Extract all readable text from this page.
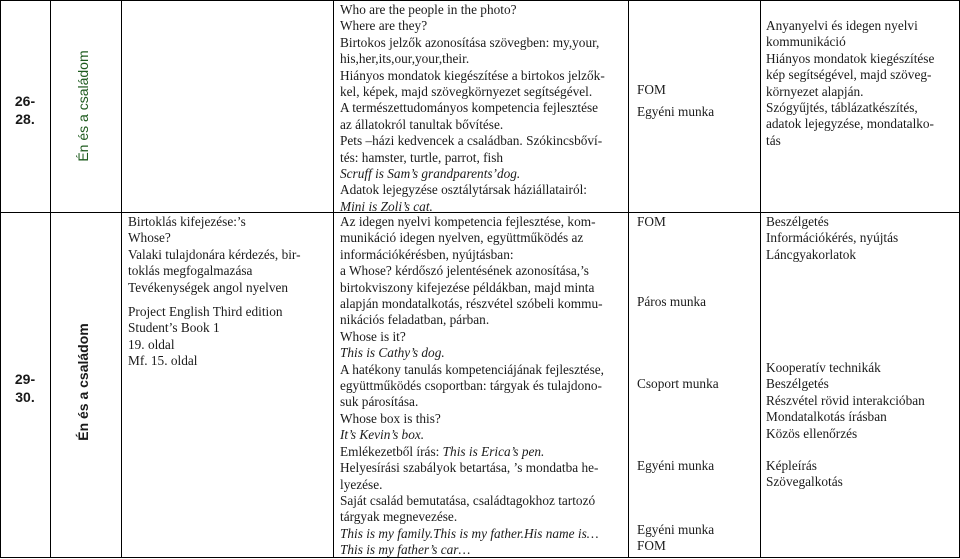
26-
28.	Én és a családom
Who are the people in the photo?
Where are they?
Birtokos jelzők azonosítása szövegben: my,your,
his,her,its,our,your,their.
Hiányos mondatok kiegészítése a birtokos jelzők-
kel, képek, majd szövegkörnyezet segítségével.
A természettudományos kompetencia fejlesztése
az állatokról tanultak bővítése.
Pets –házi kedvencek a családban. Szókincsbőví-
tés: hamster, turtle, parrot, fish
Scruff is Sam’s grandparents’dog.
Adatok lejegyzése osztálytársak háziállatairól:
Mini is Zoli’s cat.
FOM
Egyéni munka
Anyanyelvi és idegen nyelvi
kommunikáció
Hiányos mondatok kiegészítése
kép segítségével, majd szöveg-
környezet alapján.
Szógyűjtés, táblázatkészítés,
adatok lejegyzése, mondatalko-
tás
29-
30.	Én és a családom
Birtoklás kifejezése:’s
Whose?
Valaki tulajdonára kérdezés, bir-
toklás megfogalmazása
Tevékenységek angol nyelven
Project English Third edition
Student’s Book 1
19. oldal
Mf. 15. oldal
Az idegen nyelvi kompetencia fejlesztése, kom-
munikáció idegen nyelven, együttműködés az
információkérésben, nyújtásban:
a Whose? kérdőszó jelentésének azonosítása,’s
birtokviszony kifejezése példákban, majd minta
alapján mondatalkotás, részvétel szóbeli kommu-
nikációs feladatban, párban.
Whose is it?
This is Cathy’s dog.
A hatékony tanulás kompetenciájának fejlesztése,
együttműködés csoportban: tárgyak és tulajdono-
suk párosítása.
Whose box is this?
It’s Kevin’s box.
Emlékezetből írás: This is Erica’s pen.
Helyesírási szabályok betartása, ’s mondatba he-
lyezése.
Saját család bemutatása, családtagokhoz tartozó
tárgyak megnevezése.
This is my family.This is my father.His name is…
This is my father’s car…
FOM
Páros munka
Csoport munka
Egyéni munka
Egyéni munka
FOM
Beszélgetés
Információkérés, nyújtás
Láncgyakorlatok
Kooperatív technikák
Beszélgetés
Részvétel rövid interakcióban
Mondatalkotás írásban
Közös ellenőrzés
Képleírás
Szövegalkotás
